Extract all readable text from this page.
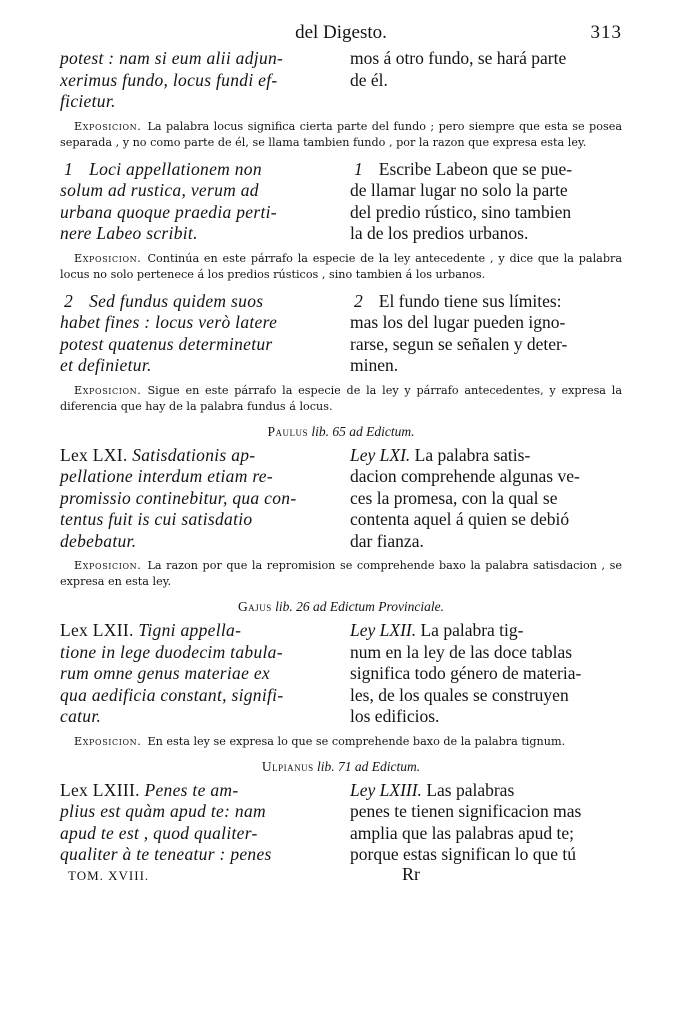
del Digesto.	313
potest : nam si eum alii adjun-
xerimus fundo, locus fundi ef-
ficietur.
mos á otro fundo, se hará parte
de él.
Exposicion. La palabra locus significa cierta parte del fundo ; pero siempre que esta se posea separada , y no como parte de él, se llama tambien fundo , por la razon que expresa esta ley.
1 Loci appellationem non
solum ad rustica, verum ad
urbana quoque praedia perti-
nere Labeo scribit.
1 Escribe Labeon que se pue-
de llamar lugar no solo la parte
del predio rústico, sino tambien
la de los predios urbanos.
Exposicion. Continúa en este párrafo la especie de la ley antecedente , y dice que la palabra locus no solo pertenece á los predios rústicos , sino tambien á los urbanos.
2 Sed fundus quidem suos
habet fines : locus verò latere
potest quatenus determinetur
et definietur.
2 El fundo tiene sus límites:
mas los del lugar pueden igno-
rarse, segun se señalen y deter-
minen.
Exposicion. Sigue en este párrafo la especie de la ley y párrafo antecedentes, y expresa la diferencia que hay de la palabra fundus á locus.
Paulus lib. 65 ad Edictum.
Lex LXI. Satisdationis ap-
pellatione interdum etiam re-
promissio continebitur, qua con-
tentus fuit is cui satisdatio
debebatur.
Ley LXI. La palabra satis-
dacion comprehende algunas ve-
ces la promesa, con la qual se
contenta aquel á quien se debió
dar fianza.
Exposicion. La razon por que la repromision se comprehende baxo la palabra satisdacion , se expresa en esta ley.
Gajus lib. 26 ad Edictum Provinciale.
Lex LXII. Tigni appella-
tione in lege duodecim tabula-
rum omne genus materiae ex
qua aedificia constant, signifi-
catur.
Ley LXII. La palabra tig-
num en la ley de las doce tablas
significa todo género de materia-
les, de los quales se construyen
los edificios.
Exposicion. En esta ley se expresa lo que se comprehende baxo de la palabra tignum.
Ulpianus lib. 71 ad Edictum.
Lex LXIII. Penes te am-
plius est quàm apud te: nam
apud te est , quod qualiter-
qualiter à te teneatur : penes
Ley LXIII. Las palabras
penes te tienen significacion mas
amplia que las palabras apud te;
porque estas significan lo que tú
TOM. XVIII.	Rr
